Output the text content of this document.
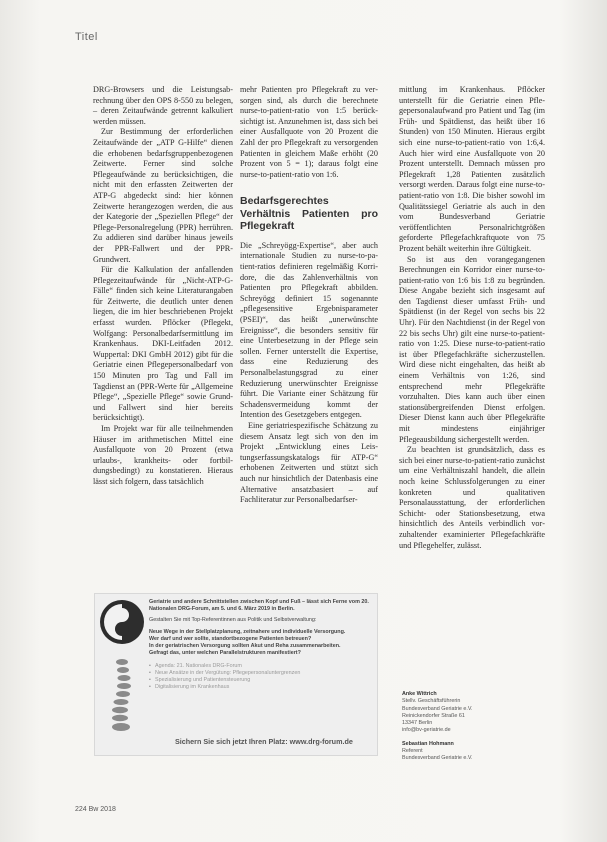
Titel

DRG-Browsers und die Leistungsabrechnung über den OPS 8-550 zu belegen, – deren Zeitaufwände getrennt kalkuliert werden müssen.

Zur Bestimmung der erforderlichen Zeitaufwände der „ATP G-Hilfe“ dienen die erhobenen bedarfsgruppenbezogenen Zeitwerte. Ferner sind solche Pflegeaufwände zu berücksichtigen, die nicht mit den erfassten Zeitwerten der ATP-G abgedeckt sind: hier können Zeitwerte herangezogen werden, die aus der Kategorie der „Speziellen Pflege“ der Pflege-Personalregelung (PPR) herrühren. Zu addieren sind darüber hinaus jeweils der PPR-Fallwert und der PPR-Grundwert.

Für die Kalkulation der anfallenden Pflegezeitaufwände für „Nicht-ATP-G-Fälle“ finden sich keine Literaturangaben für Zeitwerte, die deutlich unter denen liegen, die im hier beschriebenen Projekt erfasst wurden. Pflöcker (Pflegekt, Wolfgang: Personalbedarfsermittlung im Krankenhaus. DKI-Leitfaden 2012. Wuppertal: DKI GmbH 2012) gibt für die Geriatrie einen Pflegepersonalbedarf von 150 Minuten pro Tag und Fall im Tagdienst an (PPR-Werte für „Allgemeine Pflege“, „Spezielle Pflege“ sowie Grund- und Fallwert sind hier bereits berücksichtigt).

Im Projekt war für alle teilnehmenden Häuser im arithmetischen Mittel eine Ausfallquote von 20 Prozent (etwa urlaubs-, krankheits- oder fortbildungsbedingt) zu konstatieren. Hieraus lässt sich folgern, dass tatsächlich

mehr Patienten pro Pflegekraft zu versorgen sind, als durch die berechnete nurse-to-patient-ratio von 1:5 berücksichtigt ist. Anzunehmen ist, dass sich bei einer Ausfallquote von 20 Prozent die Zahl der pro Pflegekraft zu versorgenden Patienten in gleichem Maße erhöht (20 Prozent von 5 = 1); daraus folgt eine nurse-to-patient-ratio von 1:6.

Bedarfsgerechtes Verhältnis Patienten pro Pflegekraft

Die „Schreyögg-Expertise“, aber auch internationale Studien zu nurse-to-patient-ratios definieren regelmäßig Korridore, die das Zahlenverhältnis von Patienten pro Pflegekraft abbilden. Schreyögg definiert 15 sogenannte „pflegesensitive Ergebnisparameter (PSEI)“, das heißt „unerwünschte Ereignisse“, die besonders sensitiv für eine Unterbesetzung in der Pflege sein sollen. Ferner unterstellt die Expertise, dass eine Reduzierung des Personalbelastungsgrad zu einer Reduzierung unerwünschter Ereignisse führt. Die Variante einer Schätzung für Schadensvermeidung kommt der Intention des Gesetzgebers entgegen.

Eine geriatriespezifische Schätzung zu diesem Ansatz legt sich von den im Projekt „Entwicklung eines Leistungserfassungskatalogs für ATP-G“ erhobenen Zeitwerten und stützt sich auch nur hinsichtlich der Datenbasis eine Alternative ansatzbasiert – auf Fachliteratur zur Personalbedarfser-

mittlung im Krankenhaus. Pflöcker unterstellt für die Geriatrie einen Pflegepersonalaufwand pro Patient und Tag (im Früh- und Spätdienst, das heißt über 16 Stunden) von 150 Minuten. Hieraus ergibt sich eine nurse-to-patient-ratio von 1:6,4. Auch hier wird eine Ausfallquote von 20 Prozent unterstellt. Demnach müssen pro Pflegekraft 1,28 Patienten zusätzlich versorgt werden. Daraus folgt eine nurse-to-patient-ratio von 1:8. Die bisher sowohl im Qualitätssiegel Geriatrie als auch in den vom Bundesverband Geriatrie veröffentlichten Personalrichtgrößen geforderte Pflegefachkraftquote von 75 Prozent behält weiterhin ihre Gültigkeit.

So ist aus den vorangegangenen Berechnungen ein Korridor einer nurse-to-patient-ratio von 1:6 bis 1:8 zu begründen. Diese Angabe bezieht sich insgesamt auf den Tagdienst dieser umfasst Früh- und Spätdienst (in der Regel von sechs bis 22 Uhr). Für den Nachtdienst (in der Regel von 22 bis sechs Uhr) gilt eine nurse-to-patient-ratio von 1:25. Diese nurse-to-patient-ratio ist über Pflegefachkräfte sicherzustellen. Wird diese nicht eingehalten, das heißt ab einem Verhältnis von 1:26, sind entsprechend mehr Pflegekräfte vorzuhalten. Dies kann auch über einen stationsübergreifenden Dienst erfolgen. Dieser Dienst kann auch über Pflegekräfte mit mindestens einjähriger Pflegeausbildung sichergestellt werden.

Zu beachten ist grundsätzlich, dass es sich bei einer nurse-to-patient-ratio zunächst um eine Verhältniszahl handelt, die allein noch keine Schlussfolgerungen zu einer konkreten und qualitativen Personalausstattung, der erforderlichen Schicht- oder Stationsbesetzung, etwa hinsichtlich des Anteils verbindlich vorzuhaltender examinierter Pflegefachkräfte und Pflegehelfer, zulässt.

Geriatrie und andere Schnittstellen zwischen Kopf und Fuß – lässt sich Ferne vom 20. Nationalen DRG-Forum, am 5. und 6. März 2019 in Berlin.
Gestalten Sie mit Top-Referentinnen aus Politik und Selbstverwaltung:
Neue Wege in der Stellplatzplanung, zeitnahere und individuelle Versorgung.
Wer darf und wer sollte, standortbezogene Patienten betreuen?
In der geriatrischen Versorgung sollten Akut und Reha zusammenarbeiten.
Gefragt das, unter welchen Parallelstrukturen manifestiert?
▪ Agenda: 21. Nationales DRG-Forum
▪ Neue Ansätze in der Vergütung: Pflegepersonaluntergrenzen
▪ Spezialisierung und Patientensteuerung
▪ Digitalisierung im Krankenhaus
Sichern Sie sich jetzt Ihren Platz: www.drg-forum.de
Anke Wittrich
Stellv. Geschäftsführerin
Bundesverband Geriatrie e.V.
Reinickendorfer Straße 61
13347 Berlin
info@bv-geriatrie.de
Sebastian Hohmann
Referent
Bundesverband Geriatrie e.V.
224 Bw 2018
